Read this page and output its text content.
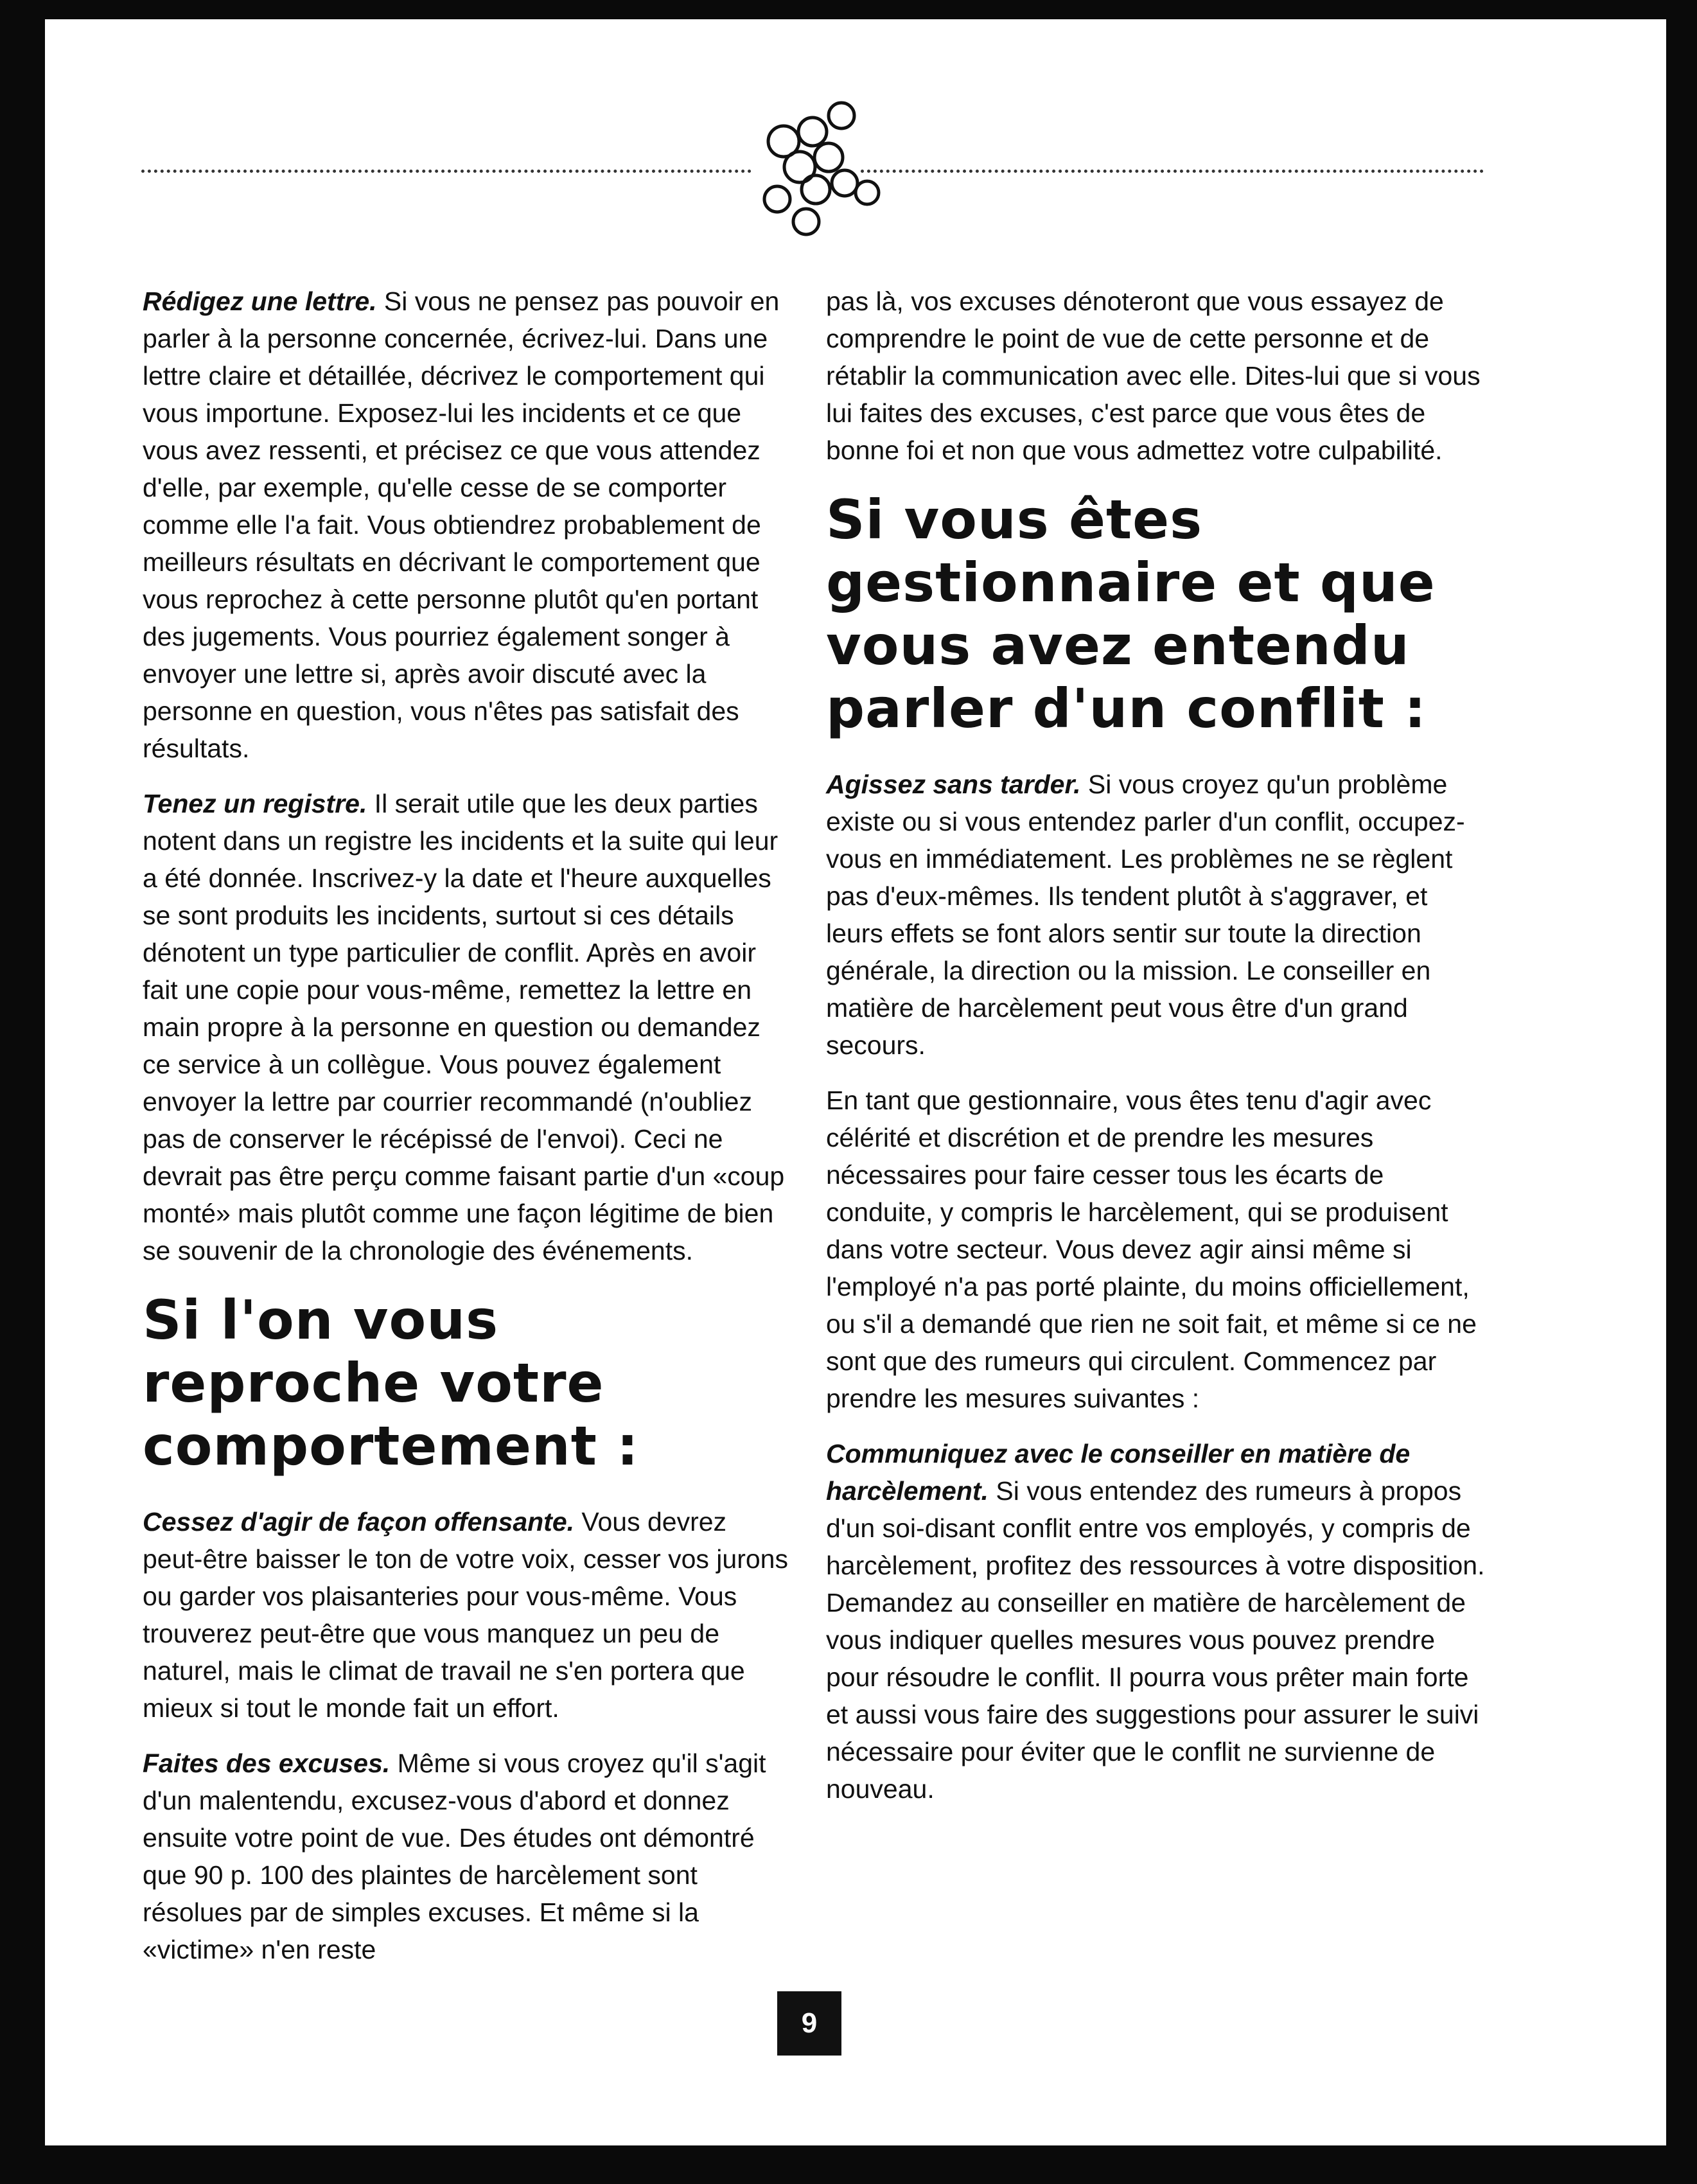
Rédigez une lettre. Si vous ne pensez pas pouvoir en parler à la personne concernée, écrivez-lui. Dans une lettre claire et détaillée, décrivez le comportement qui vous importune. Exposez-lui les incidents et ce que vous avez ressenti, et précisez ce que vous attendez d'elle, par exemple, qu'elle cesse de se comporter comme elle l'a fait. Vous obtiendrez probablement de meilleurs résultats en décrivant le comportement que vous reprochez à cette personne plutôt qu'en portant des jugements. Vous pourriez également songer à envoyer une lettre si, après avoir discuté avec la personne en question, vous n'êtes pas satisfait des résultats.

Tenez un registre. Il serait utile que les deux parties notent dans un registre les incidents et la suite qui leur a été donnée. Inscrivez-y la date et l'heure auxquelles se sont produits les incidents, surtout si ces détails dénotent un type particulier de conflit. Après en avoir fait une copie pour vous-même, remettez la lettre en main propre à la personne en question ou demandez ce service à un collègue. Vous pouvez également envoyer la lettre par courrier recommandé (n'oubliez pas de conserver le récépissé de l'envoi). Ceci ne devrait pas être perçu comme faisant partie d'un «coup monté» mais plutôt comme une façon légitime de bien se souvenir de la chronologie des événements.

Si l'on vous reproche votre comportement :

Cessez d'agir de façon offensante. Vous devrez peut-être baisser le ton de votre voix, cesser vos jurons ou garder vos plaisanteries pour vous-même. Vous trouverez peut-être que vous manquez un peu de naturel, mais le climat de travail ne s'en portera que mieux si tout le monde fait un effort.

Faites des excuses. Même si vous croyez qu'il s'agit d'un malentendu, excusez-vous d'abord et donnez ensuite votre point de vue. Des études ont démontré que 90 p. 100 des plaintes de harcèlement sont résolues par de simples excuses. Et même si la «victime» n'en reste

pas là, vos excuses dénoteront que vous essayez de comprendre le point de vue de cette personne et de rétablir la communication avec elle. Dites-lui que si vous lui faites des excuses, c'est parce que vous êtes de bonne foi et non que vous admettez votre culpabilité.

Si vous êtes gestionnaire et que vous avez entendu parler d'un conflit :

Agissez sans tarder. Si vous croyez qu'un problème existe ou si vous entendez parler d'un conflit, occupez-vous en immédiatement. Les problèmes ne se règlent pas d'eux-mêmes. Ils tendent plutôt à s'aggraver, et leurs effets se font alors sentir sur toute la direction générale, la direction ou la mission. Le conseiller en matière de harcèlement peut vous être d'un grand secours.

En tant que gestionnaire, vous êtes tenu d'agir avec célérité et discrétion et de prendre les mesures nécessaires pour faire cesser tous les écarts de conduite, y compris le harcèlement, qui se produisent dans votre secteur. Vous devez agir ainsi même si l'employé n'a pas porté plainte, du moins officiellement, ou s'il a demandé que rien ne soit fait, et même si ce ne sont que des rumeurs qui circulent. Commencez par prendre les mesures suivantes :

Communiquez avec le conseiller en matière de harcèlement. Si vous entendez des rumeurs à propos d'un soi-disant conflit entre vos employés, y compris de harcèlement, profitez des ressources à votre disposition. Demandez au conseiller en matière de harcèlement de vous indiquer quelles mesures vous pouvez prendre pour résoudre le conflit. Il pourra vous prêter main forte et aussi vous faire des suggestions pour assurer le suivi nécessaire pour éviter que le conflit ne survienne de nouveau.

9
